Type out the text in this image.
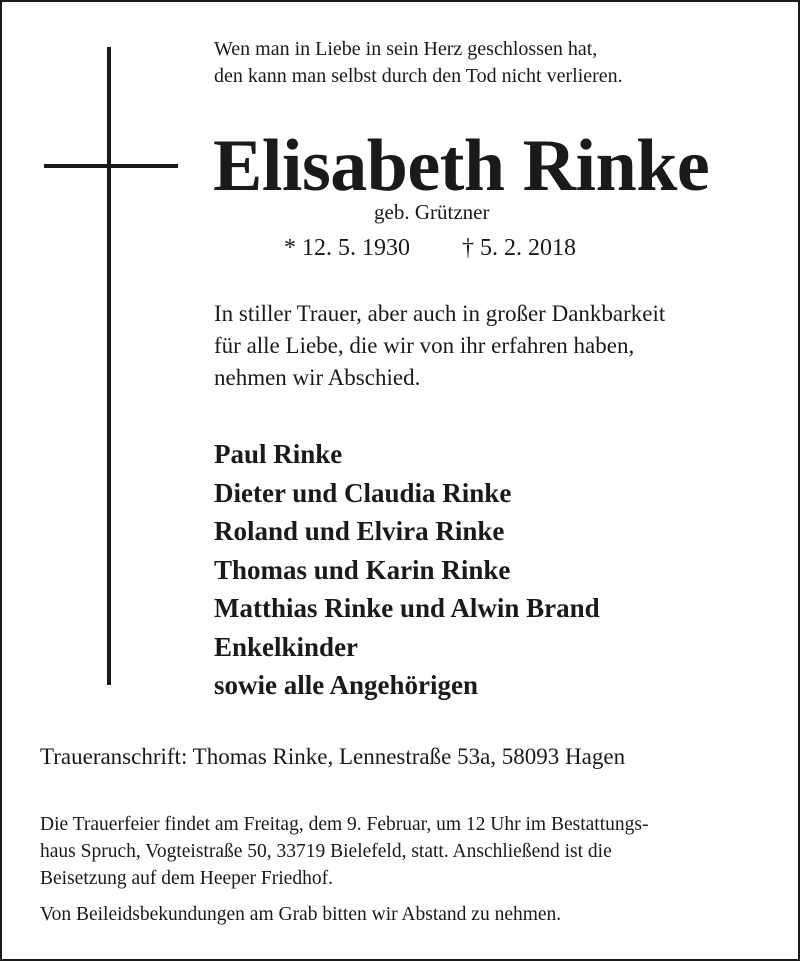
Wen man in Liebe in sein Herz geschlossen hat,
den kann man selbst durch den Tod nicht verlieren.
Elisabeth Rinke
geb. Grützner
* 12. 5. 1930 † 5. 2. 2018
In stiller Trauer, aber auch in großer Dankbarkeit
für alle Liebe, die wir von ihr erfahren haben,
nehmen wir Abschied.
Paul Rinke
Dieter und Claudia Rinke
Roland und Elvira Rinke
Thomas und Karin Rinke
Matthias Rinke und Alwin Brand
Enkelkinder
sowie alle Angehörigen
Traueranschrift: Thomas Rinke, Lennestraße 53a, 58093 Hagen
Die Trauerfeier findet am Freitag, dem 9. Februar, um 12 Uhr im Bestattungs-
haus Spruch, Vogteistraße 50, 33719 Bielefeld, statt. Anschließend ist die
Beisetzung auf dem Heeper Friedhof.
Von Beileidsbekundungen am Grab bitten wir Abstand zu nehmen.
